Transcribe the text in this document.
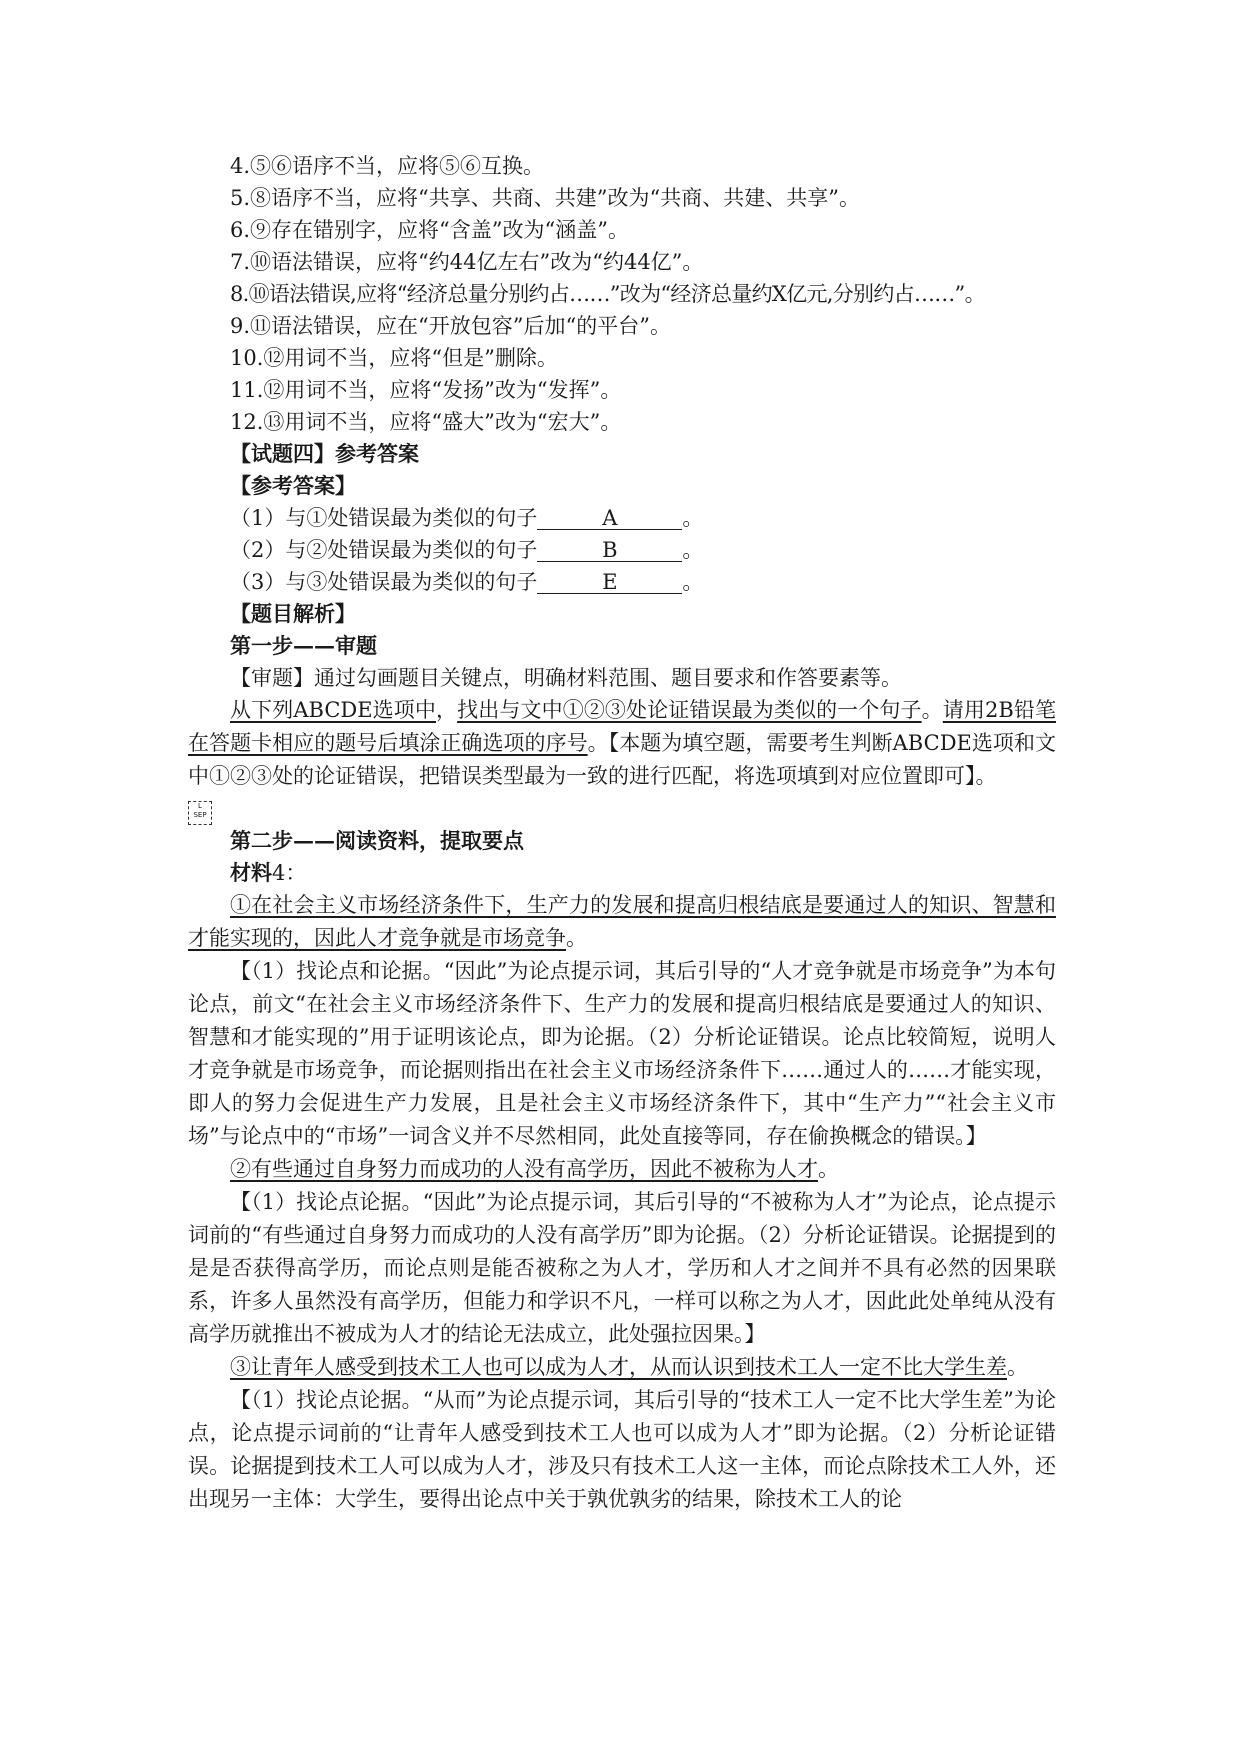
4.⑤⑥语序不当，应将⑤⑥互换。
5.⑧语序不当，应将“共享、共商、共建”改为“共商、共建、共享”。
6.⑨存在错别字，应将“含盖”改为“涵盖”。
7.⑩语法错误，应将“约44亿左右”改为“约44亿”。
8.⑩语法错误,应将“经济总量分别约占……”改为“经济总量约X亿元,分别约占……”。
9.⑪语法错误，应在“开放包容”后加“的平台”。
10.⑫用词不当，应将“但是”删除。
11.⑫用词不当，应将“发扬”改为“发挥”。
12.⑬用词不当，应将“盛大”改为“宏大”。
【试题四】参考答案
【参考答案】
（1）与①处错误最为类似的句子	A	。
（2）与②处错误最为类似的句子	B	。
（3）与③处错误最为类似的句子	E	。
【题目解析】
第一步——审题
【审题】通过勾画题目关键点，明确材料范围、题目要求和作答要素等。

从下列ABCDE选项中，找出与文中①②③处论证错误最为类似的一个句子。请用2B铅笔在答题卡相应的题号后填涂正确选项的序号。【本题为填空题，需要考生判断ABCDE选项和文中①②③处的论证错误，把错误类型最为一致的进行匹配，将选项填到对应位置即可】。

L
SEP
第二步——阅读资料，提取要点
材料4：

①在社会主义市场经济条件下，生产力的发展和提高归根结底是要通过人的知识、智慧和才能实现的，因此人才竞争就是市场竞争。

【（1）找论点和论据。“因此”为论点提示词，其后引导的“人才竞争就是市场竞争”为本句论点，前文“在社会主义市场经济条件下、生产力的发展和提高归根结底是要通过人的知识、智慧和才能实现的”用于证明该论点，即为论据。（2）分析论证错误。论点比较简短，说明人才竞争就是市场竞争，而论据则指出在社会主义市场经济条件下……通过人的……才能实现，即人的努力会促进生产力发展，且是社会主义市场经济条件下，其中“生产力”“社会主义市场”与论点中的“市场”一词含义并不尽然相同，此处直接等同，存在偷换概念的错误。】

②有些通过自身努力而成功的人没有高学历，因此不被称为人才。

【（1）找论点论据。“因此”为论点提示词，其后引导的“不被称为人才”为论点，论点提示词前的“有些通过自身努力而成功的人没有高学历”即为论据。（2）分析论证错误。论据提到的是是否获得高学历，而论点则是能否被称之为人才，学历和人才之间并不具有必然的因果联系，许多人虽然没有高学历，但能力和学识不凡，一样可以称之为人才，因此此处单纯从没有高学历就推出不被成为人才的结论无法成立，此处强拉因果。】

③让青年人感受到技术工人也可以成为人才，从而认识到技术工人一定不比大学生差。

【（1）找论点论据。“从而”为论点提示词，其后引导的“技术工人一定不比大学生差”为论点，论点提示词前的“让青年人感受到技术工人也可以成为人才”即为论据。（2）分析论证错误。论据提到技术工人可以成为人才，涉及只有技术工人这一主体，而论点除技术工人外，还出现另一主体：大学生，要得出论点中关于孰优孰劣的结果，除技术工人的论
